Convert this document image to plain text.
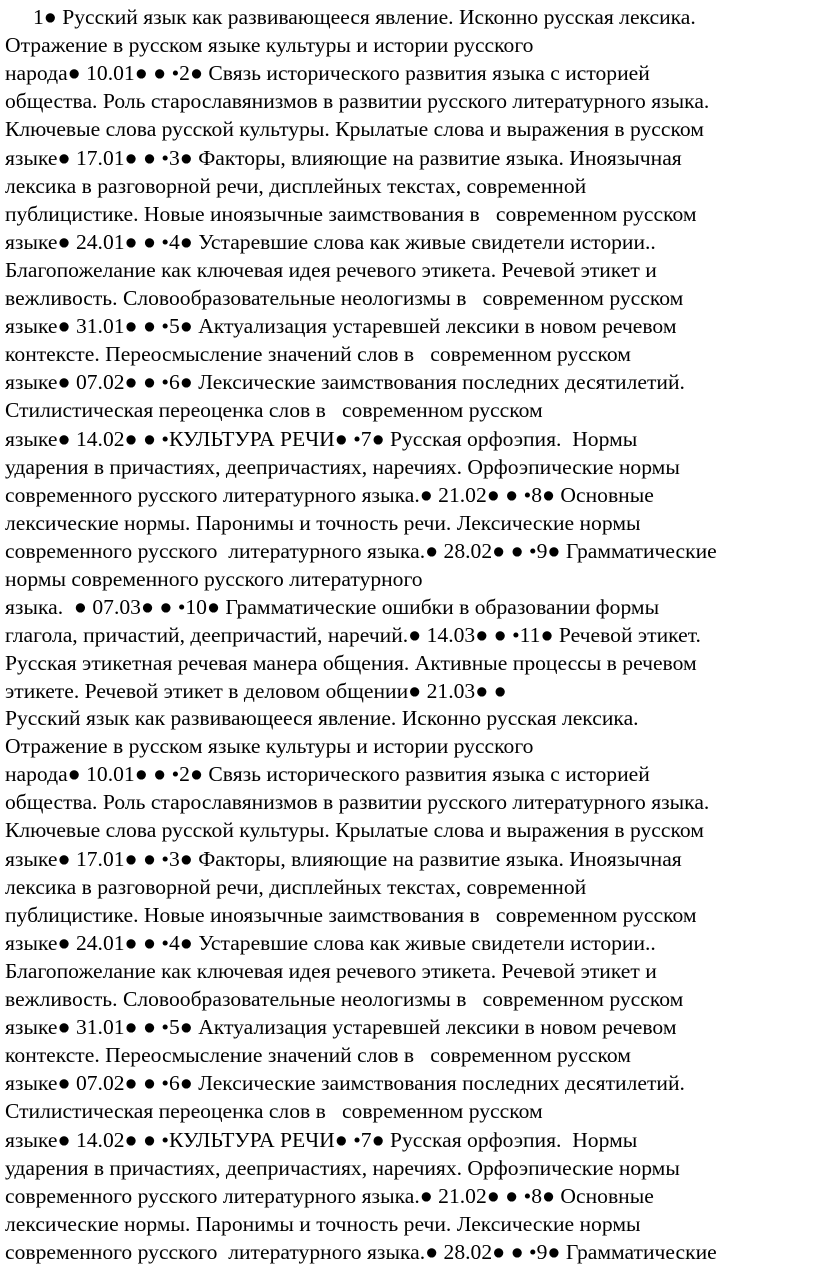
1● Русский язык как развивающееся явление. Исконно русская лексика.
Отражение в русском языке культуры и истории русского
народа● 10.01● ● •2● Связь исторического развития языка с историей
общества. Роль старославянизмов в развитии русского литературного языка.
Ключевые слова русской культуры. Крылатые слова и выражения в русском
языке● 17.01● ● •3● Факторы, влияющие на развитие языка. Иноязычная
лексика в разговорной речи, дисплейных текстах, современной
публицистике. Новые иноязычные заимствования в   современном русском
языке● 24.01● ● •4● Устаревшие слова как живые свидетели истории..
Благопожелание как ключевая идея речевого этикета. Речевой этикет и
вежливость. Словообразовательные неологизмы в   современном русском
языке● 31.01● ● •5● Актуализация устаревшей лексики в новом речевом
контексте. Переосмысление значений слов в   современном русском
языке● 07.02● ● •6● Лексические заимствования последних десятилетий.
Стилистическая переоценка слов в   современном русском
языке● 14.02● ● •КУЛЬТУРА РЕЧИ● •7● Русская орфоэпия.  Нормы
ударения в причастиях, деепричастиях, наречиях. Орфоэпические нормы
современного русского литературного языка.● 21.02● ● •8● Основные
лексические нормы. Паронимы и точность речи. Лексические нормы
современного русского  литературного языка.● 28.02● ● •9● Грамматические
нормы современного русского литературного
языка.  ● 07.03● ● •10● Грамматические ошибки в образовании формы
глагола, причастий, деепричастий, наречий.● 14.03● ● •11● Речевой этикет.
Русская этикетная речевая манера общения. Активные процессы в речевом
этикете. Речевой этикет в деловом общении● 21.03● ●
Русский язык как развивающееся явление. Исконно русская лексика.
Отражение в русском языке культуры и истории русского
народа● 10.01● ● •2● Связь исторического развития языка с историей
общества. Роль старославянизмов в развитии русского литературного языка.
Ключевые слова русской культуры. Крылатые слова и выражения в русском
языке● 17.01● ● •3● Факторы, влияющие на развитие языка. Иноязычная
лексика в разговорной речи, дисплейных текстах, современной
публицистике. Новые иноязычные заимствования в   современном русском
языке● 24.01● ● •4● Устаревшие слова как живые свидетели истории..
Благопожелание как ключевая идея речевого этикета. Речевой этикет и
вежливость. Словообразовательные неологизмы в   современном русском
языке● 31.01● ● •5● Актуализация устаревшей лексики в новом речевом
контексте. Переосмысление значений слов в   современном русском
языке● 07.02● ● •6● Лексические заимствования последних десятилетий.
Стилистическая переоценка слов в   современном русском
языке● 14.02● ● •КУЛЬТУРА РЕЧИ● •7● Русская орфоэпия.  Нормы
ударения в причастиях, деепричастиях, наречиях. Орфоэпические нормы
современного русского литературного языка.● 21.02● ● •8● Основные
лексические нормы. Паронимы и точность речи. Лексические нормы
современного русского  литературного языка.● 28.02● ● •9● Грамматические
